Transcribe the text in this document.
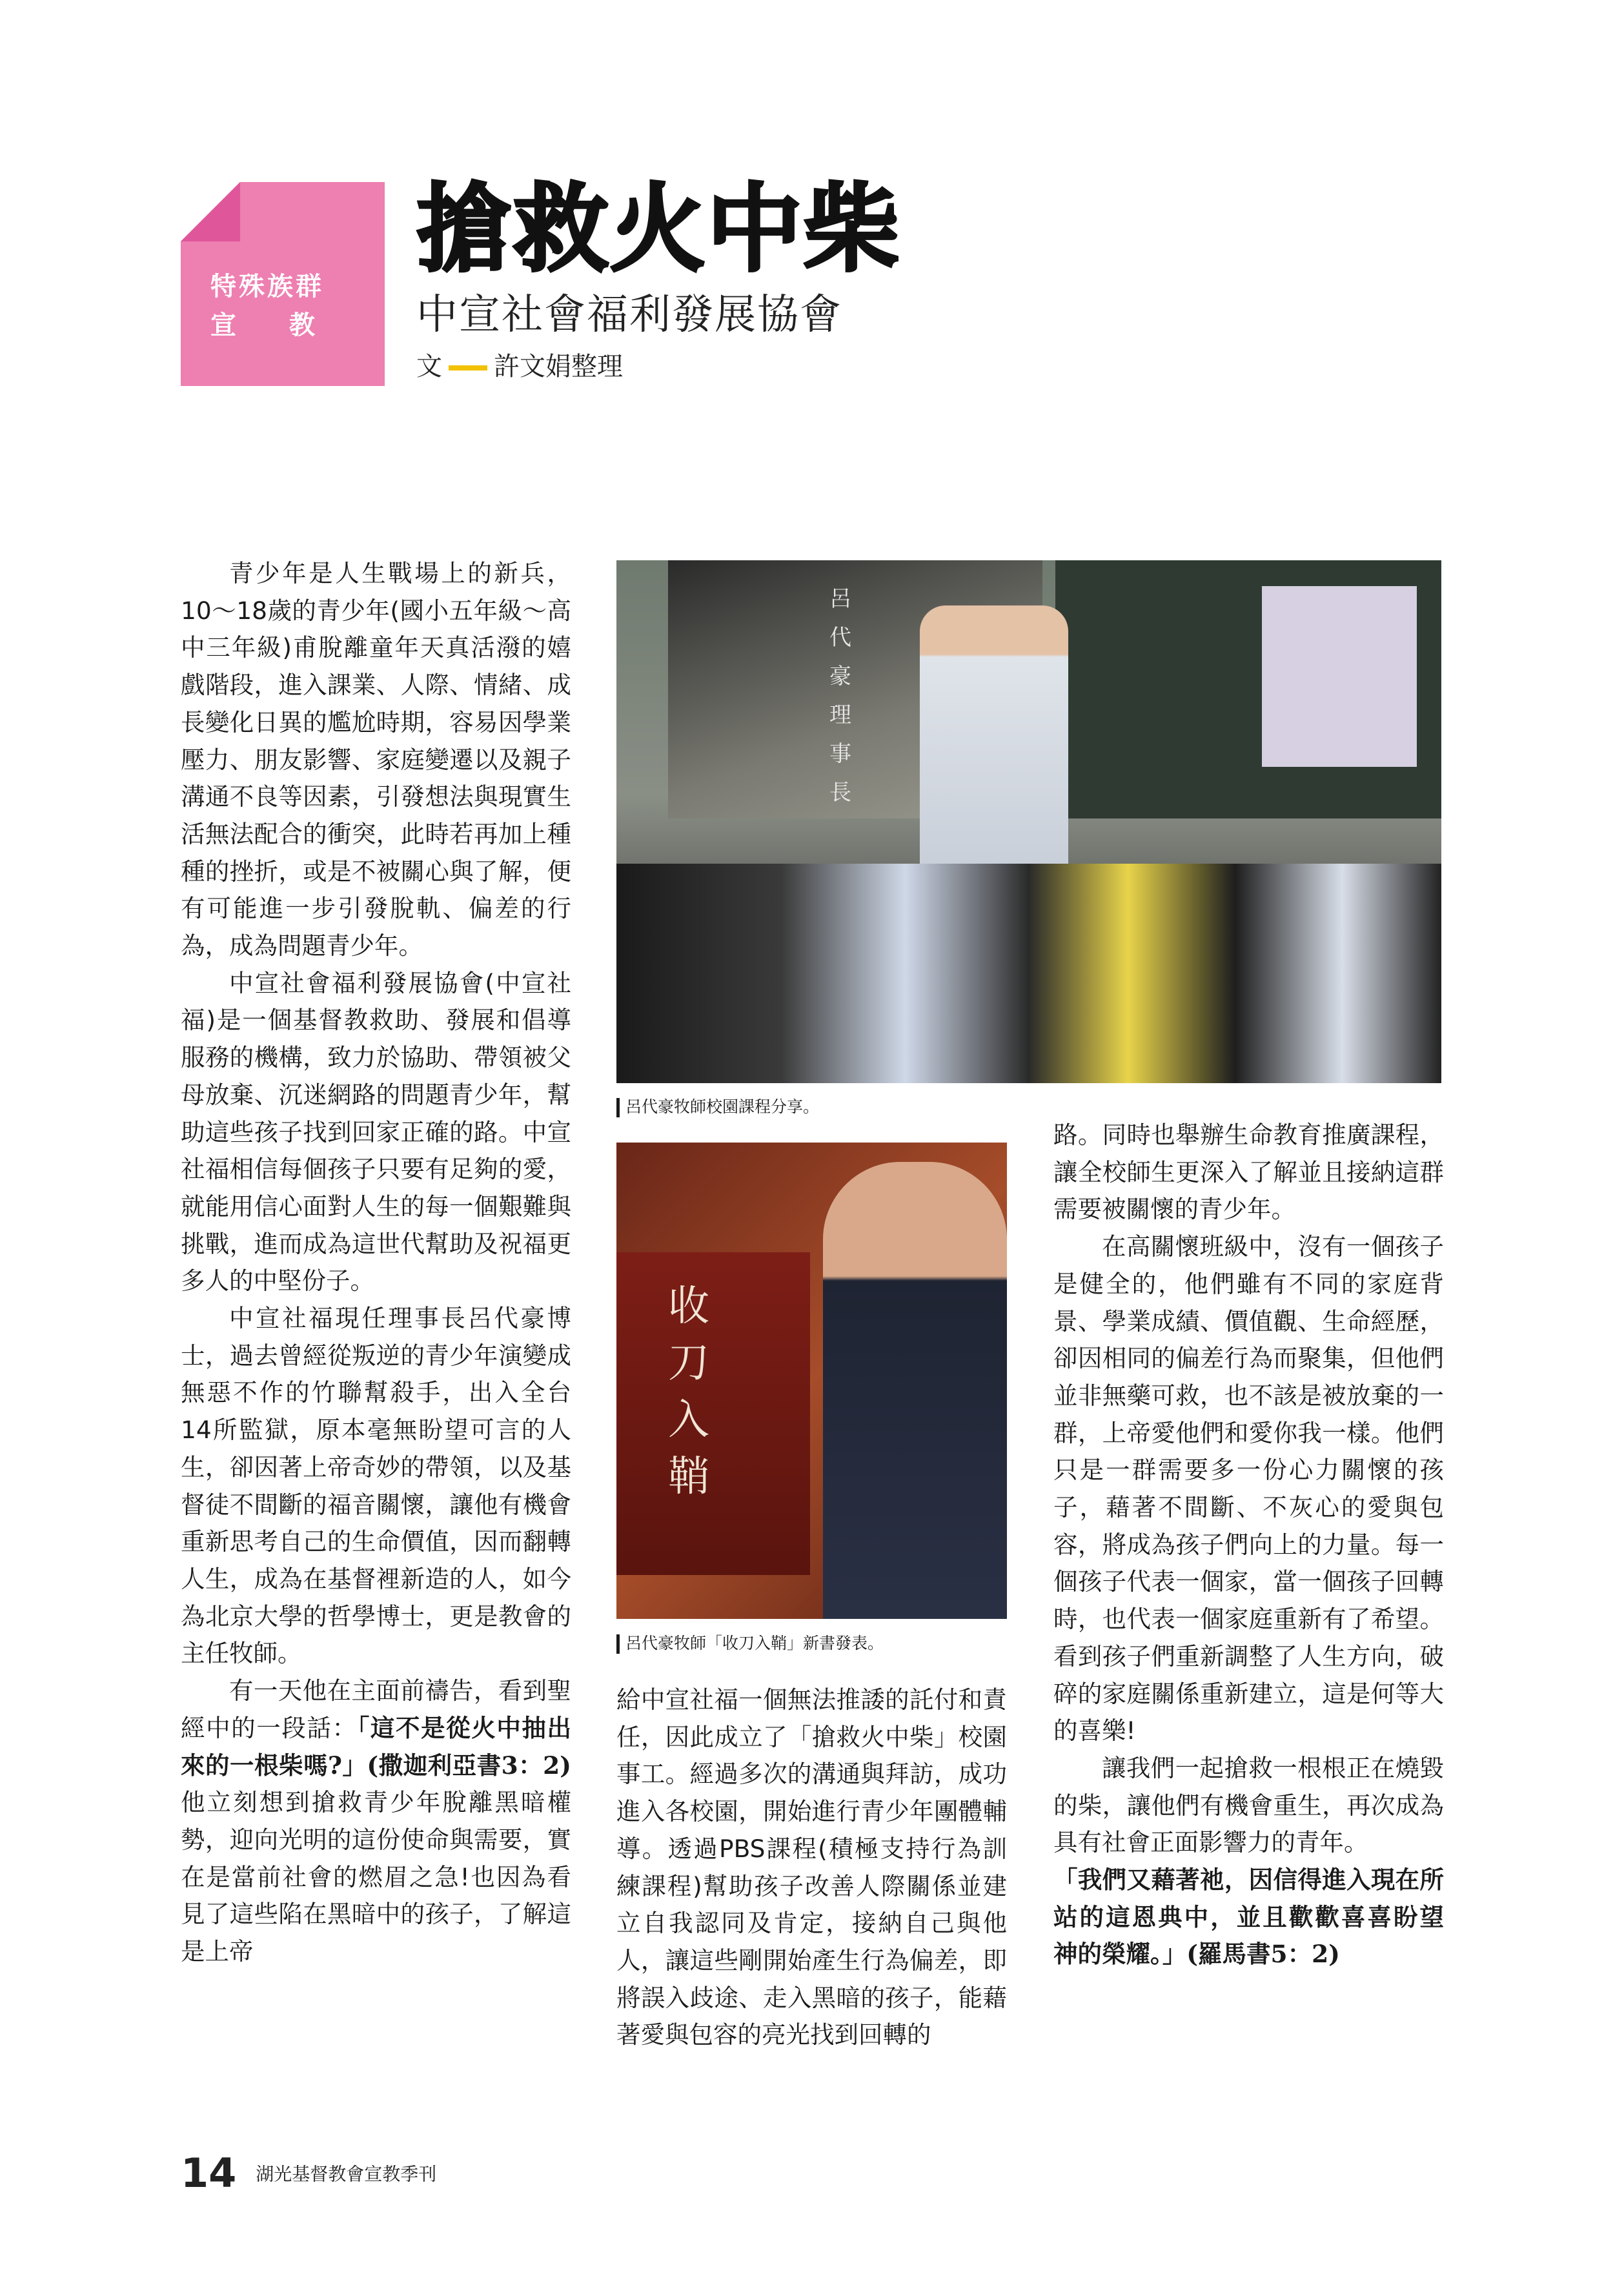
特殊族群
宣 教
搶救火中柴
中宣社會福利發展協會
文 許文娟整理

青少年是人生戰場上的新兵，10～18歲的青少年(國小五年級～高中三年級)甫脫離童年天真活潑的嬉戲階段，進入課業、人際、情緒、成長變化日異的尷尬時期，容易因學業壓力、朋友影響、家庭變遷以及親子溝通不良等因素，引發想法與現實生活無法配合的衝突，此時若再加上種種的挫折，或是不被關心與了解，便有可能進一步引發脫軌、偏差的行為，成為問題青少年。

中宣社會福利發展協會(中宣社福)是一個基督教救助、發展和倡導服務的機構，致力於協助、帶領被父母放棄、沉迷網路的問題青少年，幫助這些孩子找到回家正確的路。中宣社福相信每個孩子只要有足夠的愛，就能用信心面對人生的每一個艱難與挑戰，進而成為這世代幫助及祝福更多人的中堅份子。

中宣社福現任理事長呂代豪博士，過去曾經從叛逆的青少年演變成無惡不作的竹聯幫殺手，出入全台14所監獄，原本毫無盼望可言的人生，卻因著上帝奇妙的帶領，以及基督徒不間斷的福音關懷，讓他有機會重新思考自己的生命價值，因而翻轉人生，成為在基督裡新造的人，如今為北京大學的哲學博士，更是教會的主任牧師。

有一天他在主面前禱告，看到聖經中的一段話：「這不是從火中抽出來的一根柴嗎?」(撒迦利亞書3：2)他立刻想到搶救青少年脫離黑暗權勢，迎向光明的這份使命與需要，實在是當前社會的燃眉之急!也因為看見了這些陷在黑暗中的孩子，了解這是上帝

呂代豪理事長
呂代豪牧師校園課程分享。
收刀入鞘
呂代豪牧師「收刀入鞘」新書發表。

給中宣社福一個無法推諉的託付和責任，因此成立了「搶救火中柴」校園事工。經過多次的溝通與拜訪，成功進入各校園，開始進行青少年團體輔導。透過PBS課程(積極支持行為訓練課程)幫助孩子改善人際關係並建立自我認同及肯定，接納自己與他人，讓這些剛開始產生行為偏差，即將誤入歧途、走入黑暗的孩子，能藉著愛與包容的亮光找到回轉的

路。同時也舉辦生命教育推廣課程，讓全校師生更深入了解並且接納這群需要被關懷的青少年。

在高關懷班級中，沒有一個孩子是健全的，他們雖有不同的家庭背景、學業成績、價值觀、生命經歷，卻因相同的偏差行為而聚集，但他們並非無藥可救，也不該是被放棄的一群，上帝愛他們和愛你我一樣。他們只是一群需要多一份心力關懷的孩子，藉著不間斷、不灰心的愛與包容，將成為孩子們向上的力量。每一個孩子代表一個家，當一個孩子回轉時，也代表一個家庭重新有了希望。看到孩子們重新調整了人生方向，破碎的家庭關係重新建立，這是何等大的喜樂!

讓我們一起搶救一根根正在燒毀的柴，讓他們有機會重生，再次成為具有社會正面影響力的青年。

「我們又藉著祂，因信得進入現在所站的這恩典中，並且歡歡喜喜盼望 神的榮耀。」(羅馬書5：2)

14 湖光基督教會宣教季刊
